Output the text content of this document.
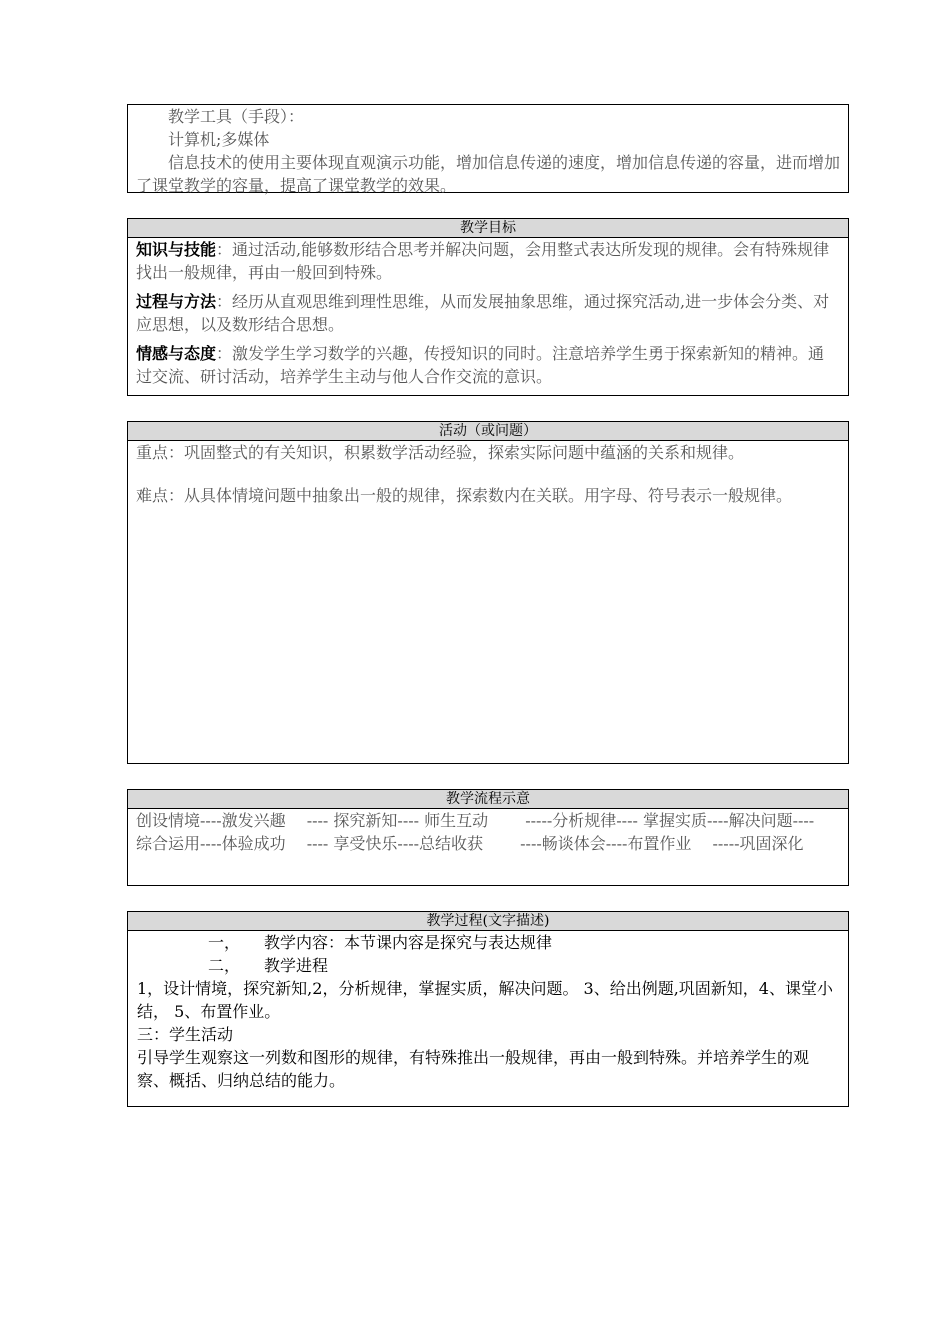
教学工具（手段）：

计算机;多媒体

信息技术的使用主要体现直观演示功能，增加信息传递的速度，增加信息传递的容量，进而增加了课堂教学的容量，提高了课堂教学的效果。

教学目标

知识与技能：通过活动,能够数形结合思考并解决问题，会用整式表达所发现的规律。会有特殊规律找出一般规律，再由一般回到特殊。

过程与方法：经历从直观思维到理性思维，从而发展抽象思维，通过探究活动,进一步体会分类、对应思想，以及数形结合思想。

情感与态度：激发学生学习数学的兴趣，传授知识的同时。注意培养学生勇于探索新知的精神。通过交流、研讨活动，培养学生主动与他人合作交流的意识。

活动（或问题）

重点：巩固整式的有关知识，积累数学活动经验，探索实际问题中蕴涵的关系和规律。

难点：从具体情境问题中抽象出一般的规律，探索数内在关联。用字母、符号表示一般规律。

教学流程示意

创设情境----激发兴趣　 ---- 探究新知---- 师生互动　　 -----分析规律---- 掌握实质----解决问题----　综合运用----体验成功　 ---- 享受快乐----总结收获　　 ----畅谈体会----布置作业　 -----巩固深化

教学过程(文字描述)

一，　　教学内容：本节课内容是探究与表达规律

二，　　教学进程

1，设计情境，探究新知,2，分析规律，掌握实质，解决问题。 3、给出例题,巩固新知，4、课堂小结， 5、布置作业。

三：学生活动

引导学生观察这一列数和图形的规律，有特殊推出一般规律，再由一般到特殊。并培养学生的观察、概括、归纳总结的能力。
